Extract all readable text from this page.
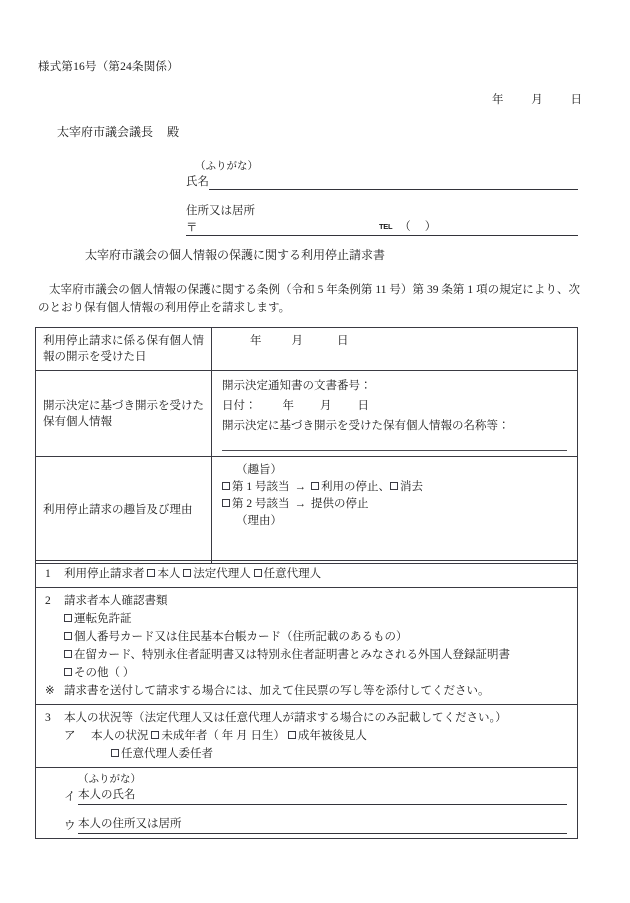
様式第16号（第24条関係）
年 月 日
太宰府市議会議長 殿
（ふりがな）
氏名
住所又は居所
〒	TEL （）
太宰府市議会の個人情報の保護に関する利用停止請求書
太宰府市議会の個人情報の保護に関する条例（令和 5 年条例第 11 号）第 39 条第 1 項の規定により、次のとおり保有個人情報の利用停止を請求します。
利用停止請求に係る保有個人情報の開示を受けた日	年 月 日

開示決定に基づき開示を受けた保有個人情報	開示決定通知書の文書番号：
日付： 年 月 日
開示決定に基づき開示を受けた保有個人情報の名称等：

利用停止請求の趣旨及び理由	（趣旨）
第 1 号該当 → 利用の停止、 消去
第 2 号該当 → 提供の停止
（理由）
1 利用停止請求者 本人 法定代理人 任意代理人

2 請求者本人確認書類
運転免許証
個人番号カード又は住民基本台帳カード（住所記載のあるもの）
在留カード、特別永住者証明書又は特別永住者証明書とみなされる外国人登録証明書
その他（ ）
※ 請求書を送付して請求する場合には、加えて住民票の写し等を添付してください。

3 本人の状況等（法定代理人又は任意代理人が請求する場合にのみ記載してください。）
ア 本人の状況 未成年者（ 年 月 日生） 成年被後見人
任意代理人委任者

（ふりがな）
イ 本人の氏名
ウ 本人の住所又は居所
